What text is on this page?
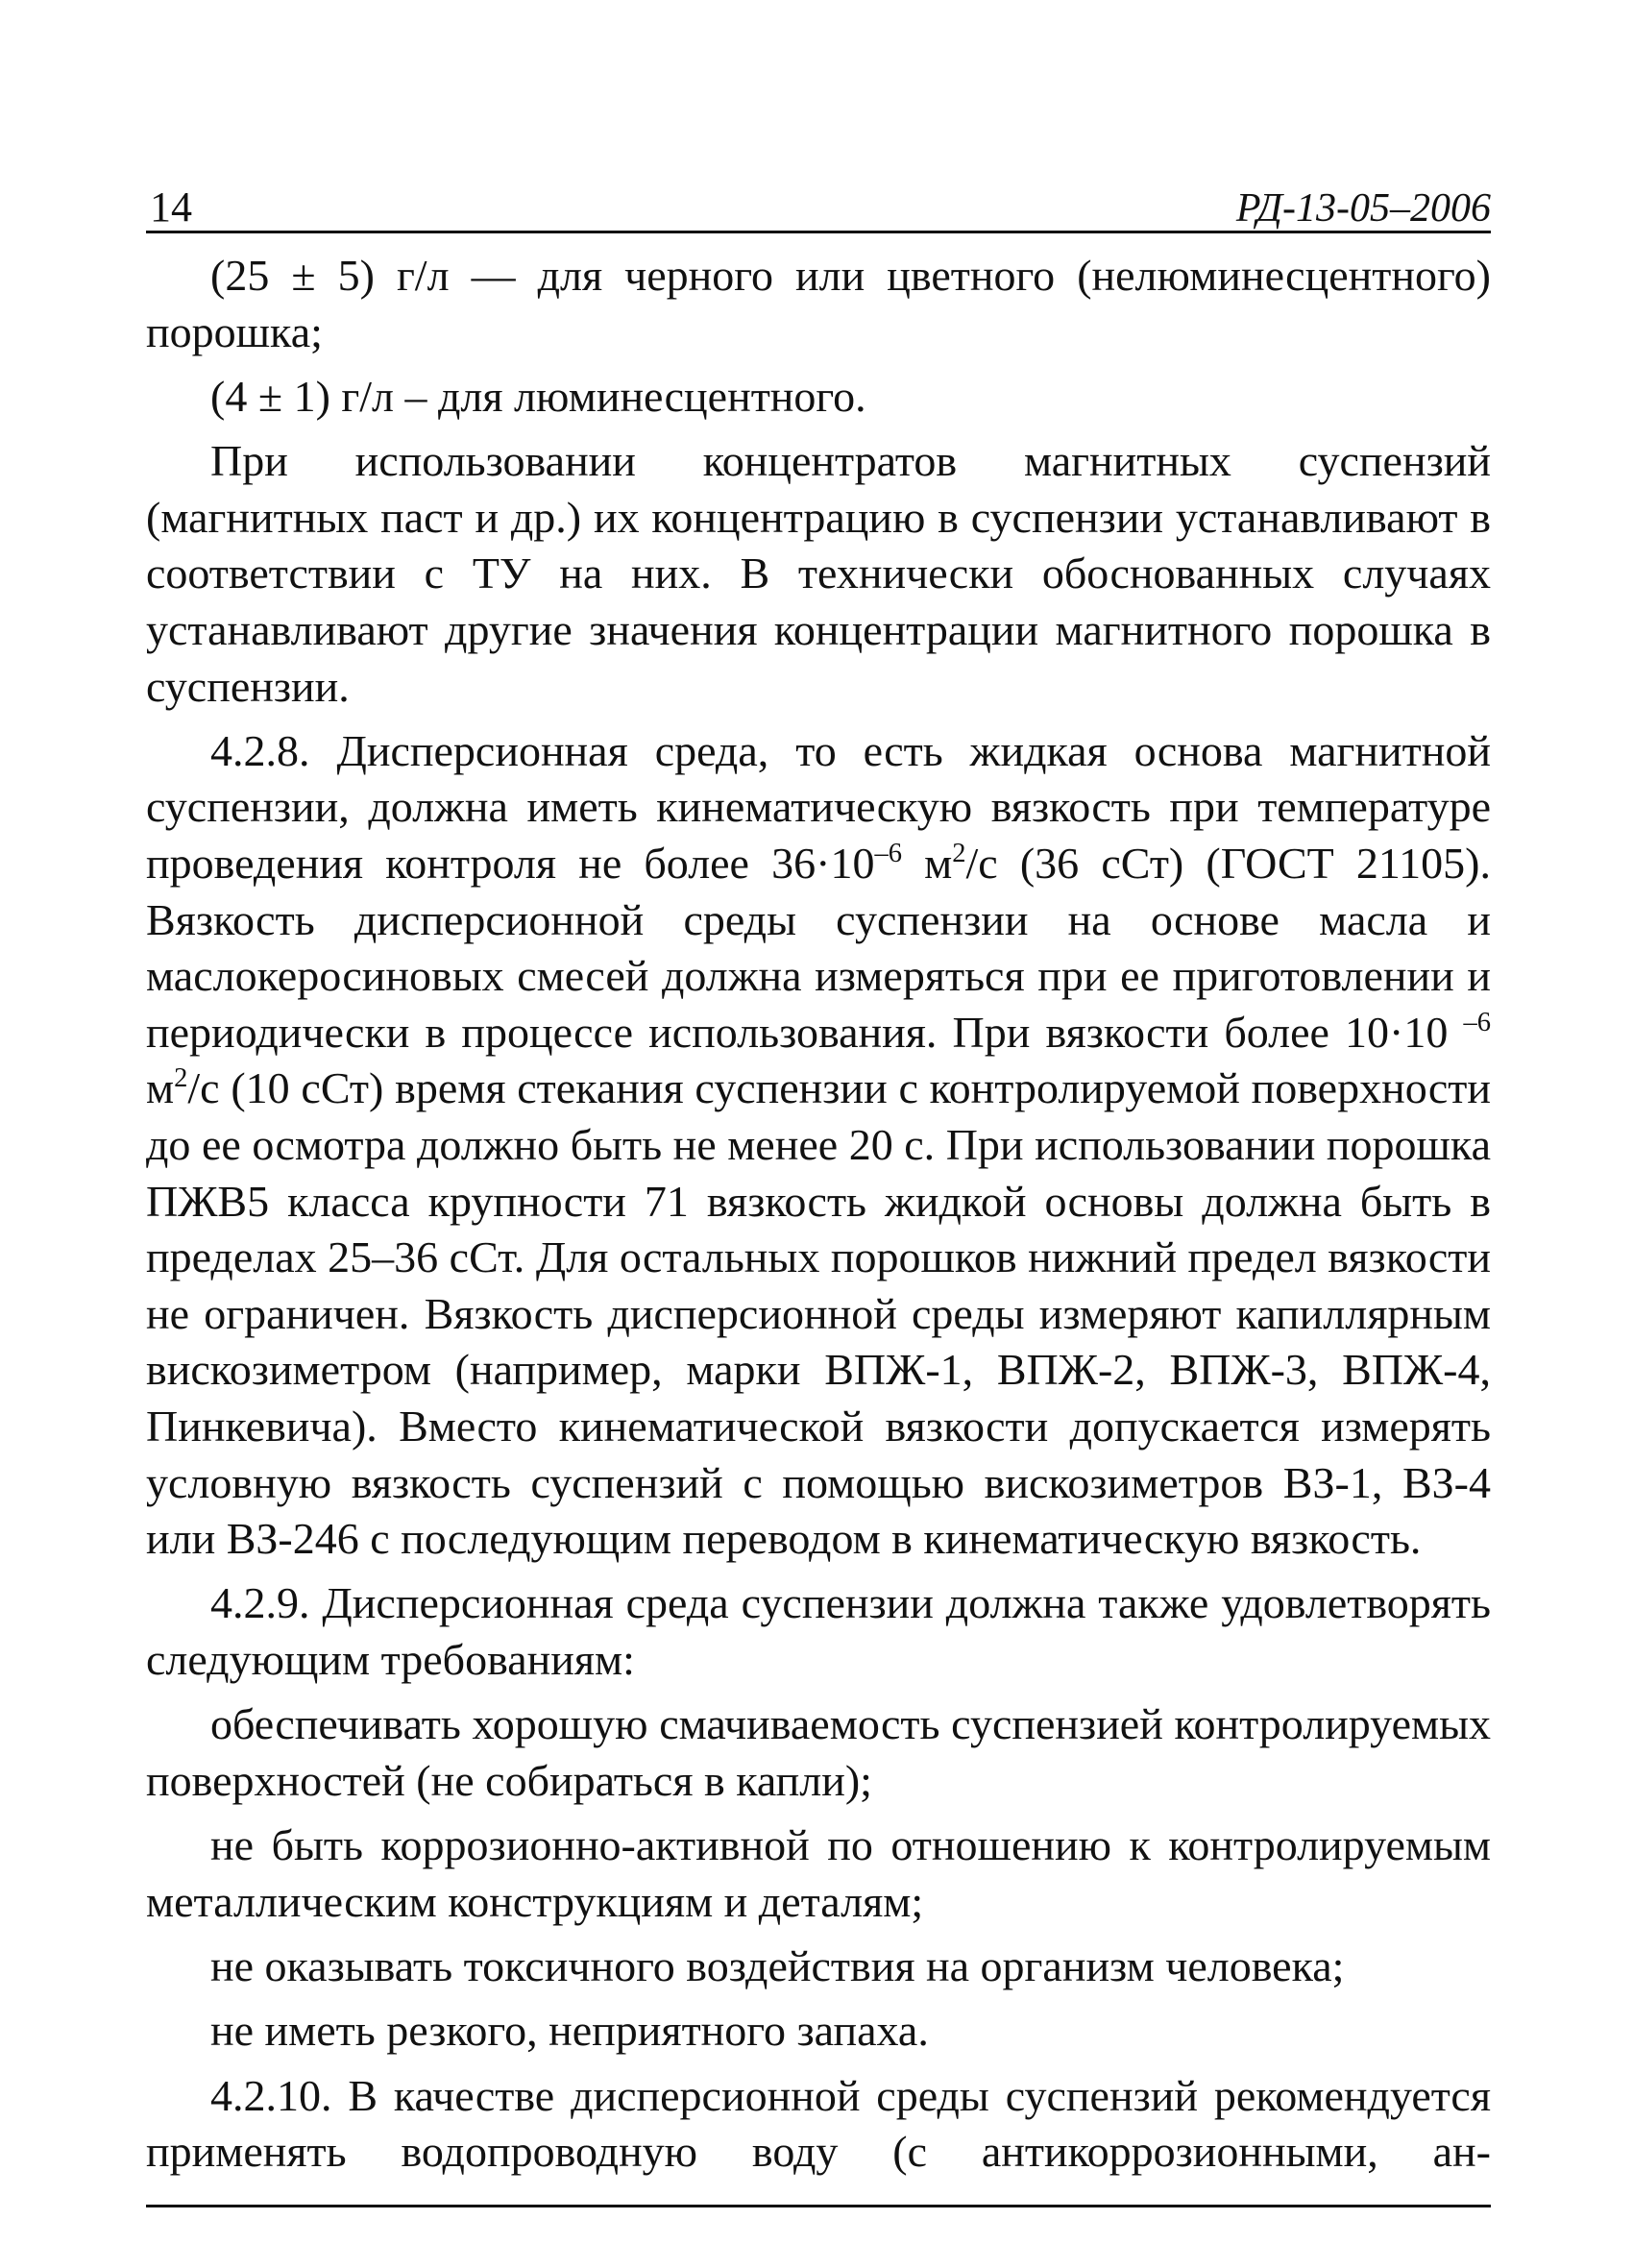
14	РД-13-05–2006

(25 ± 5) г/л — для черного или цветного (нелюминесцентного) порошка;

(4 ± 1) г/л – для люминесцентного.

При использовании концентратов магнитных суспензий (магнитных паст и др.) их концентрацию в суспензии устанавливают в соответствии с ТУ на них. В технически обоснованных случаях устанавливают другие значения концентрации магнитного порошка в суспензии.

4.2.8. Дисперсионная среда, то есть жидкая основа магнитной суспензии, должна иметь кинематическую вязкость при температуре проведения контроля не более $36\cdot 10^{-6}$ $м^2/с$ (36 сСт) (ГОСТ 21105). Вязкость дисперсионной среды суспензии на основе масла и маслокеросиновых смесей должна измеряться при ее приготовлении и периодически в процессе использования. При вязкости более 10·10 $^{-6}$ $м^2/с$ (10 сСт) время стекания суспензии с контролируемой поверхности до ее осмотра должно быть не менее 20 с. При использовании порошка ПЖВ5 класса крупности 71 вязкость жидкой основы должна быть в пределах 25–36 сСт. Для остальных порошков нижний предел вязкости не ограничен. Вязкость дисперсионной среды измеряют капиллярным вискозиметром (например, марки ВПЖ-1, ВПЖ-2, ВПЖ-3, ВПЖ-4, Пинкевича). Вместо кинематической вязкости допускается измерять условную вязкость суспензий с помощью вискозиметров ВЗ-1, ВЗ-4 или ВЗ-246 с последующим переводом в кинематическую вязкость.

4.2.9. Дисперсионная среда суспензии должна также удовлетворять следующим требованиям:

обеспечивать хорошую смачиваемость суспензией контролируемых поверхностей (не собираться в капли);

не быть коррозионно-активной по отношению к контролируемым металлическим конструкциям и деталям;

не оказывать токсичного воздействия на организм человека;

не иметь резкого, неприятного запаха.

4.2.10. В качестве дисперсионной среды суспензий рекомендуется применять водопроводную воду (с антикоррозионными, ан-
